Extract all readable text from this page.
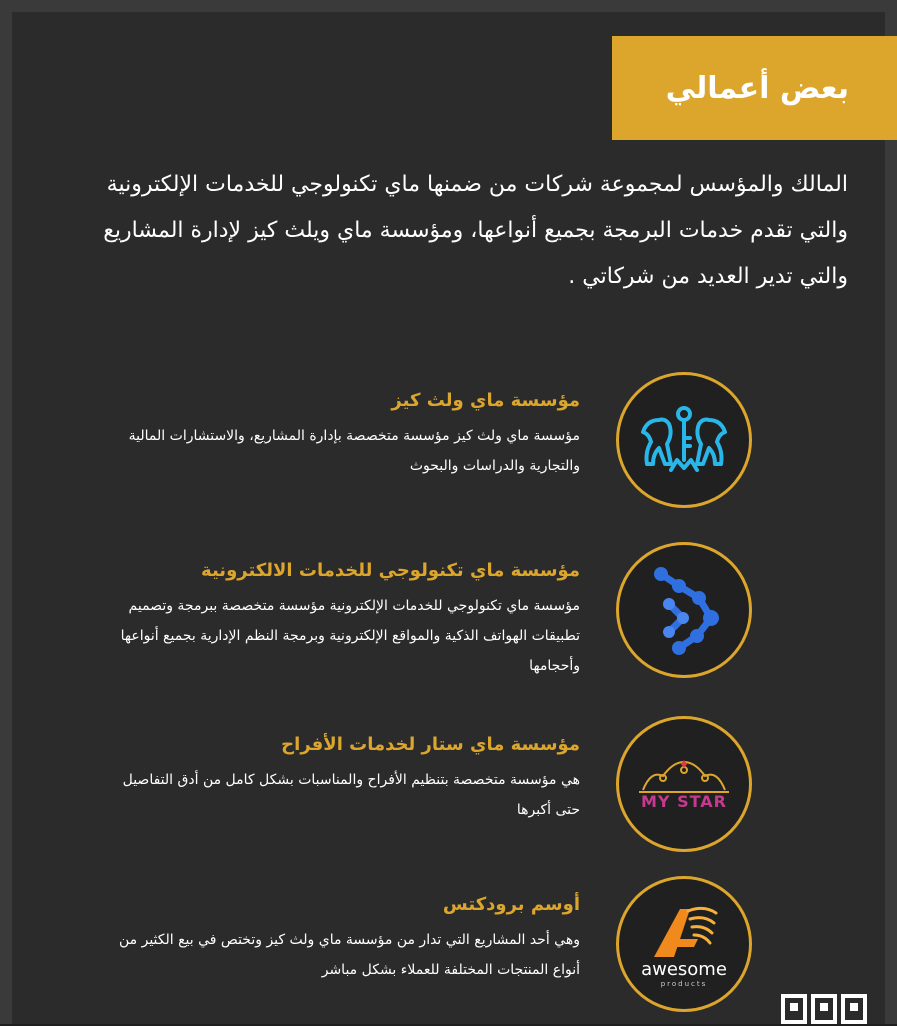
بعض أعمالي
المالك والمؤسس لمجموعة شركات من ضمنها ماي تكنولوجي للخدمات الإلكترونية والتي تقدم خدمات البرمجة بجميع أنواعها، ومؤسسة ماي ويلث كيز لإدارة المشاريع والتي تدير العديد من شركاتي .
مؤسسة ماي ولث كيز
مؤسسة ماي ولث كيز مؤسسة متخصصة بإدارة المشاريع، والاستشارات المالية والتجارية والدراسات والبحوث
مؤسسة ماي تكنولوجي للخدمات الالكترونية
مؤسسة ماي تكنولوجي للخدمات الإلكترونية مؤسسة متخصصة ببرمجة وتصميم تطبيقات الهواتف الذكية والمواقع الإلكترونية وبرمجة النظم الإدارية بجميع أنواعها وأحجامها
MY STAR
مؤسسة ماي ستار لخدمات الأفراح
هي مؤسسة متخصصة بتنظيم الأفراح والمناسبات بشكل كامل من أدق التفاصيل حتى أكبرها
awesome
products
أوسم برودكتس
وهي أحد المشاريع التي تدار من مؤسسة ماي ولث كيز وتختص في بيع الكثير من أنواع المنتجات المختلفة للعملاء بشكل مباشر
